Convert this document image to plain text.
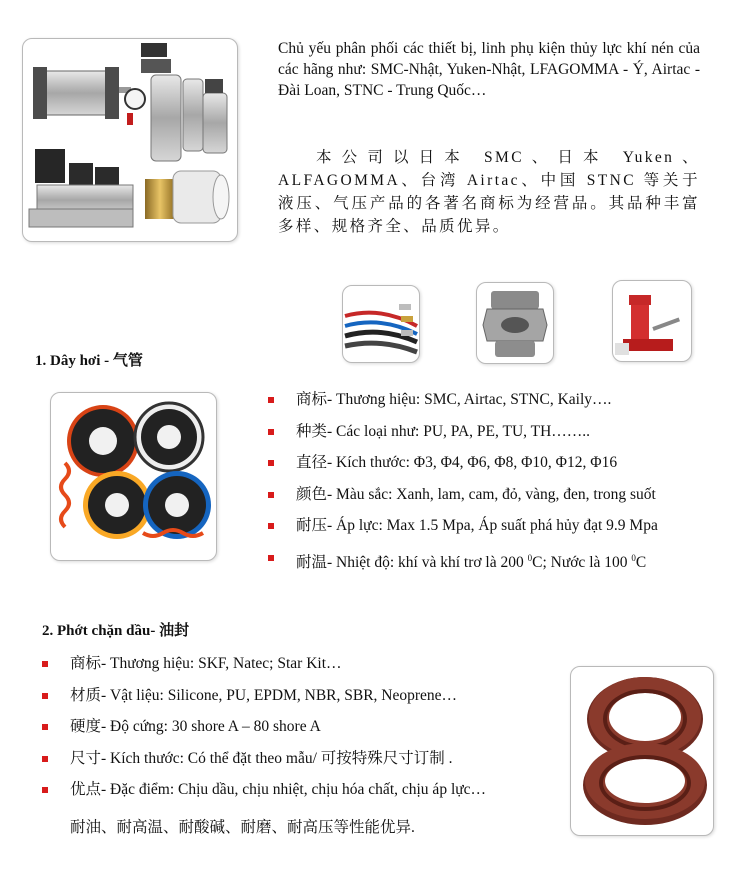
Chủ yếu phân phối các thiết bị, linh phụ kiện thủy lực khí nén của các hãng như: SMC-Nhật, Yuken-Nhật, LFAGOMMA - Ý, Airtac - Đài Loan, STNC - Trung Quốc…
本公司以日本 SMC、日本 Yuken、ALFAGOMMA、台湾 Airtac、中国 STNC 等关于液压、气压产品的各著名商标为经营品。其品种丰富多样、规格齐全、品质优异。
1. Dây hơi - 气管
商标- Thương hiệu: SMC, Airtac, STNC, Kaily….
种类- Các loại như: PU, PA, PE, TU, TH……..
直径- Kích thước: Φ3, Φ4, Φ6, Φ8, Φ10, Φ12, Φ16
颜色- Màu sắc: Xanh, lam, cam, đỏ, vàng, đen, trong suốt
耐压- Áp lực: Max 1.5 Mpa, Áp suất phá hủy đạt 9.9 Mpa
耐温- Nhiệt độ: khí và khí trơ là 200 $^0$C; Nước là 100 $^0$C
2. Phớt chặn dầu- 油封
商标- Thương hiệu: SKF, Natec; Star Kit…
材质- Vật liệu: Silicone, PU, EPDM, NBR, SBR, Neoprene…
硬度- Độ cứng: 30 shore A – 80 shore A
尺寸- Kích thước: Có thể đặt theo mẫu/ 可按特殊尺寸订制 .
优点- Đặc điểm: Chịu dầu, chịu nhiệt, chịu hóa chất, chịu áp lực…
耐油、耐高温、耐酸碱、耐磨、耐高压等性能优异.
